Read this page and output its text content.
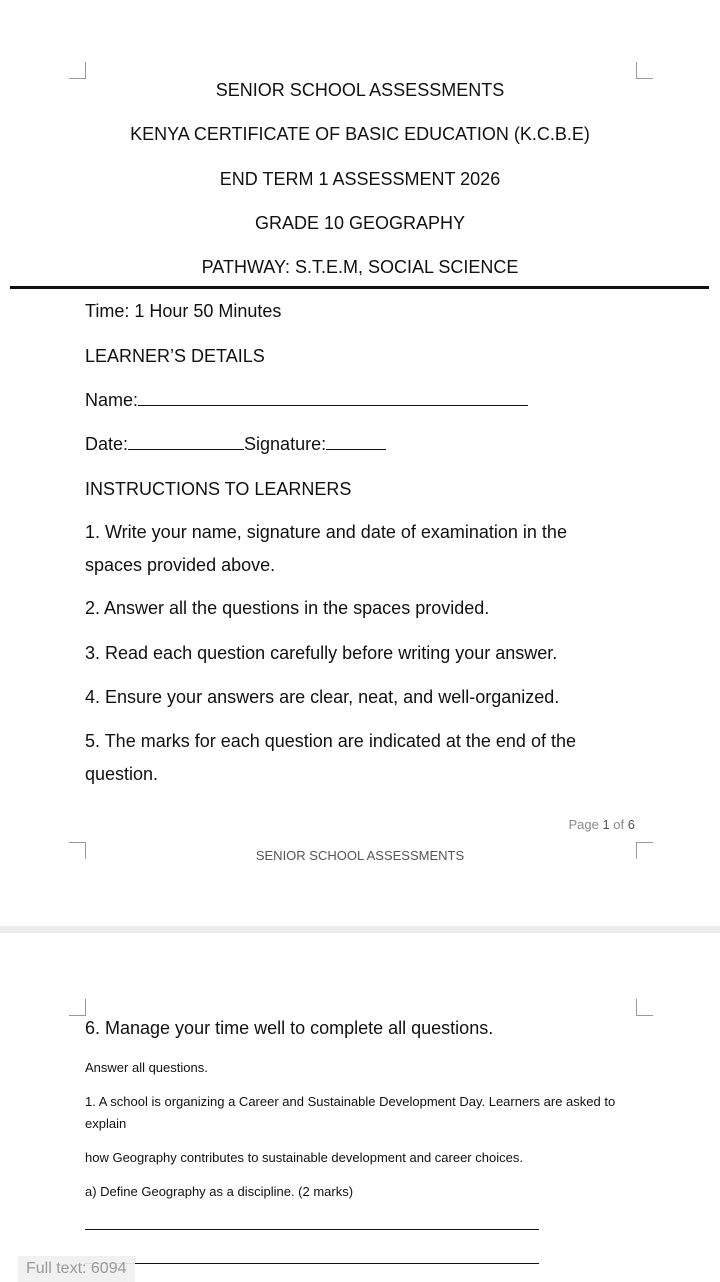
SENIOR SCHOOL ASSESSMENTS
KENYA CERTIFICATE OF BASIC EDUCATION (K.C.B.E)
END TERM 1 ASSESSMENT 2026
GRADE 10 GEOGRAPHY
PATHWAY: S.T.E.M, SOCIAL SCIENCE
Time: 1 Hour 50 Minutes
LEARNER’S DETAILS
Name:
Date:	Signature:
INSTRUCTIONS TO LEARNERS
1. Write your name, signature and date of examination in the spaces provided above.
2. Answer all the questions in the spaces provided.
3. Read each question carefully before writing your answer.
4. Ensure your answers are clear, neat, and well-organized.
5. The marks for each question are indicated at the end of the question.
Page 1 of 6
SENIOR SCHOOL ASSESSMENTS
6. Manage your time well to complete all questions.
Answer all questions.
1. A school is organizing a Career and Sustainable Development Day. Learners are asked to explain
how Geography contributes to sustainable development and career choices.
a) Define Geography as a discipline. (2 marks)
Full text: 6094
